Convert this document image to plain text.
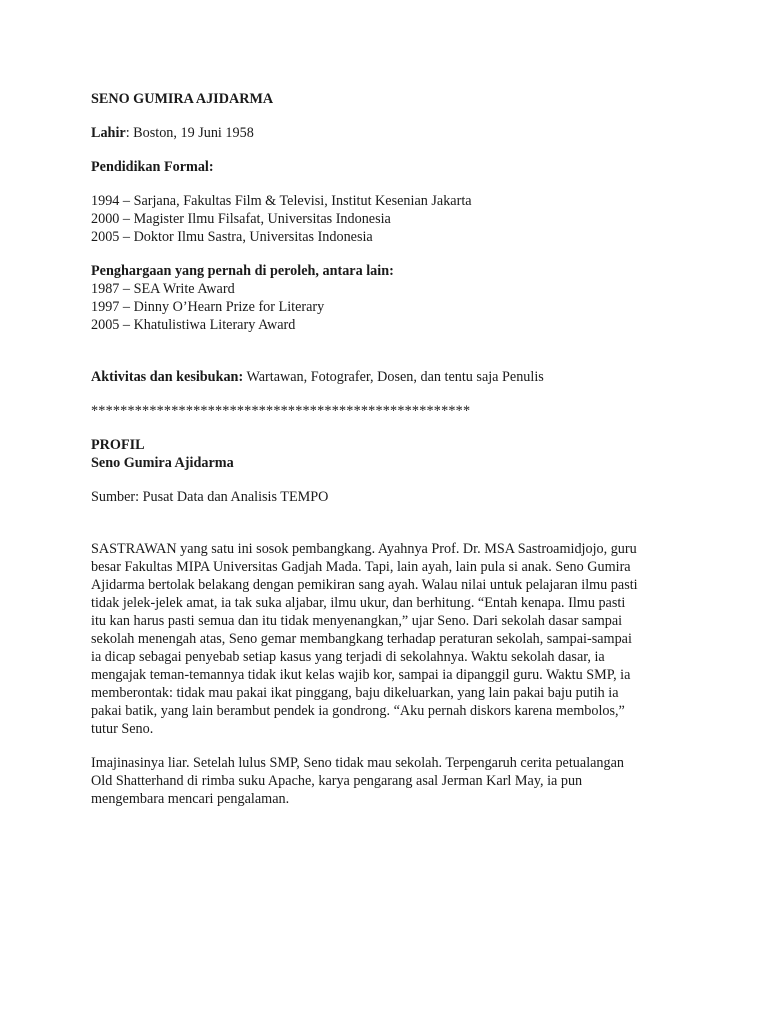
SENO GUMIRA AJIDARMA

Lahir: Boston, 19 Juni 1958

Pendidikan Formal:

1994 – Sarjana, Fakultas Film & Televisi, Institut Kesenian Jakarta

2000 – Magister Ilmu Filsafat, Universitas Indonesia

2005 – Doktor Ilmu Sastra, Universitas Indonesia

Penghargaan yang pernah di peroleh, antara lain:

1987 – SEA Write Award

1997 – Dinny O’Hearn Prize for Literary

2005 – Khatulistiwa Literary Award

Aktivitas dan kesibukan: Wartawan, Fotografer, Dosen, dan tentu saja Penulis

****************************************************

PROFIL

Seno Gumira Ajidarma

Sumber: Pusat Data dan Analisis TEMPO

SASTRAWAN yang satu ini sosok pembangkang. Ayahnya Prof. Dr. MSA Sastroamidjojo, guru
besar Fakultas MIPA Universitas Gadjah Mada. Tapi, lain ayah, lain pula si anak. Seno Gumira
Ajidarma bertolak belakang dengan pemikiran sang ayah. Walau nilai untuk pelajaran ilmu pasti
tidak jelek-jelek amat, ia tak suka aljabar, ilmu ukur, dan berhitung. “Entah kenapa. Ilmu pasti
itu kan harus pasti semua dan itu tidak menyenangkan,” ujar Seno. Dari sekolah dasar sampai
sekolah menengah atas, Seno gemar membangkang terhadap peraturan sekolah, sampai-sampai
ia dicap sebagai penyebab setiap kasus yang terjadi di sekolahnya. Waktu sekolah dasar, ia
mengajak teman-temannya tidak ikut kelas wajib kor, sampai ia dipanggil guru. Waktu SMP, ia
memberontak: tidak mau pakai ikat pinggang, baju dikeluarkan, yang lain pakai baju putih ia
pakai batik, yang lain berambut pendek ia gondrong. “Aku pernah diskors karena membolos,”
tutur Seno.

Imajinasinya liar. Setelah lulus SMP, Seno tidak mau sekolah. Terpengaruh cerita petualangan
Old Shatterhand di rimba suku Apache, karya pengarang asal Jerman Karl May, ia pun
mengembara mencari pengalaman.
